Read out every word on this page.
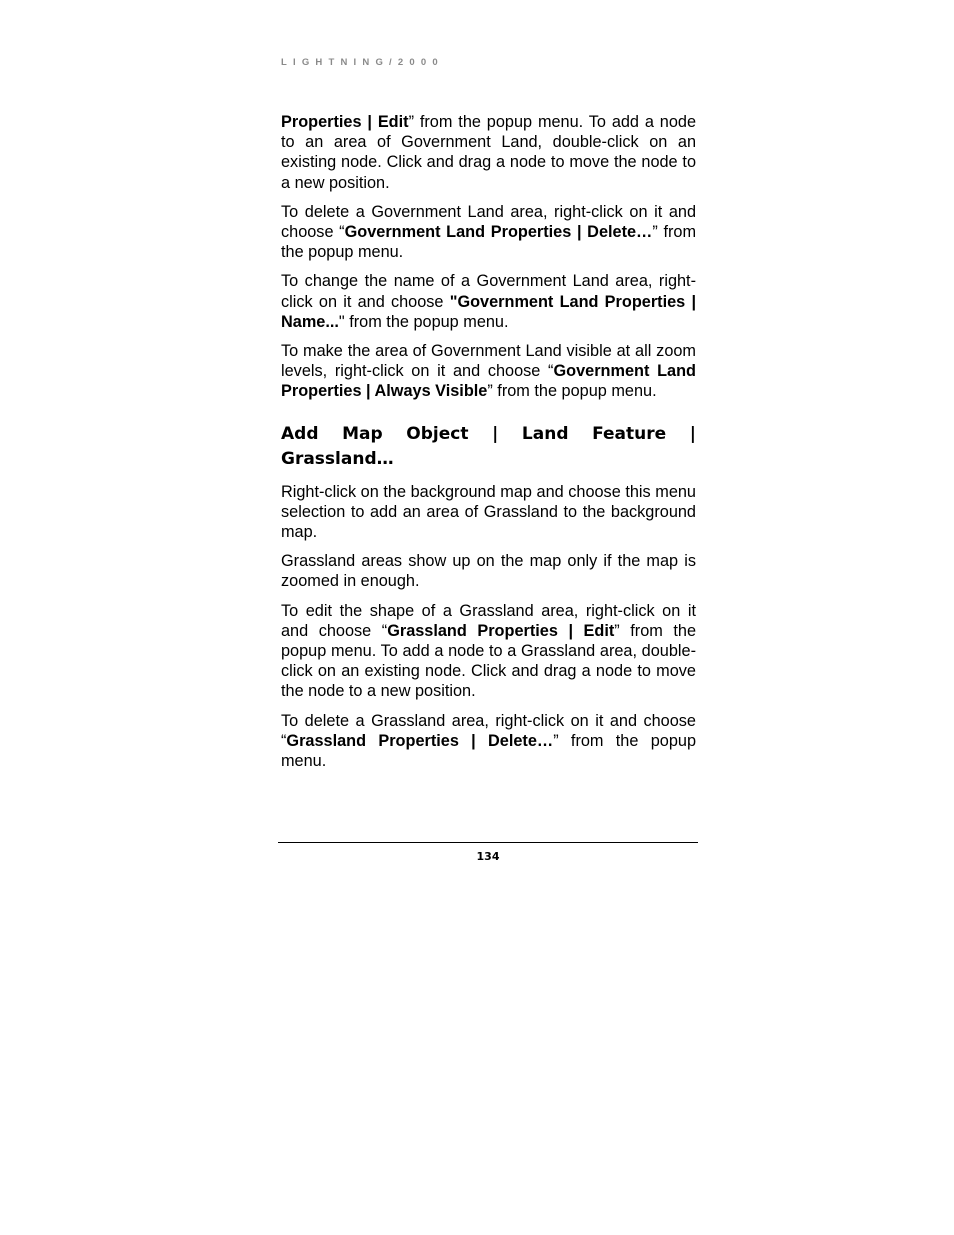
LIGHTNING/2000

Properties | Edit” from the popup menu. To add a node to an area of Government Land, double-click on an existing node. Click and drag a node to move the node to a new position.

To delete a Government Land area, right-click on it and choose “Government Land Properties | Delete…” from the popup menu.

To change the name of a Government Land area, right-click on it and choose "Government Land Properties | Name..." from the popup menu.

To make the area of Government Land visible at all zoom levels, right-click on it and choose “Government Land Properties | Always Visible” from the popup menu.

Add Map Object | Land Feature | Grassland…

Right-click on the background map and choose this menu selection to add an area of Grassland to the background map.

Grassland areas show up on the map only if the map is zoomed in enough.

To edit the shape of a Grassland area, right-click on it and choose “Grassland Properties | Edit” from the popup menu. To add a node to a Grassland area, double-click on an existing node. Click and drag a node to move the node to a new position.

To delete a Grassland area, right-click on it and choose “Grassland Properties | Delete…” from the popup menu.

134
